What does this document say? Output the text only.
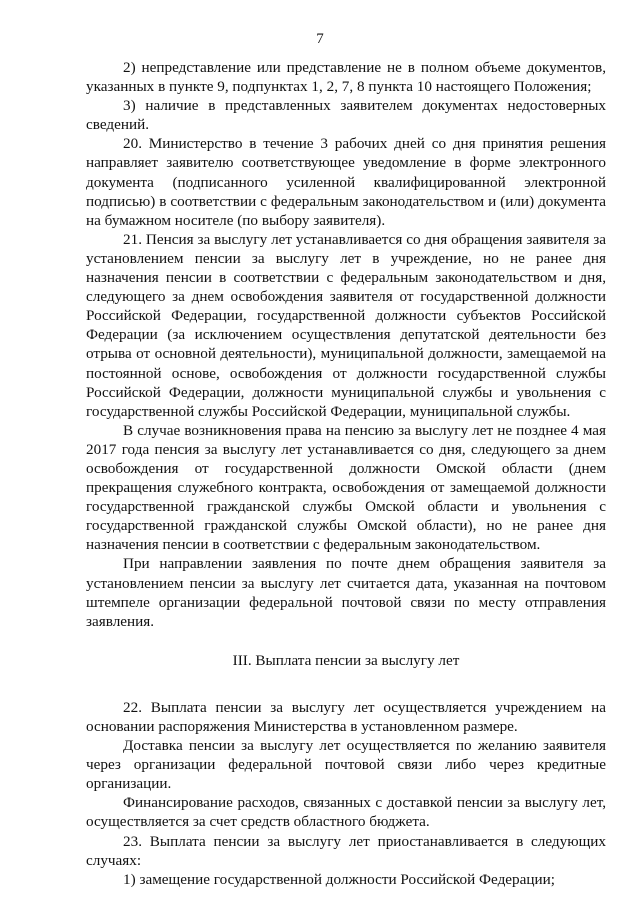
7

2) непредставление или представление не в полном объеме документов, указанных в пункте 9, подпунктах 1, 2, 7, 8 пункта 10 настоящего Положения;

3) наличие в представленных заявителем документах недостоверных сведений.

20. Министерство в течение 3 рабочих дней со дня принятия решения направляет заявителю соответствующее уведомление в форме электронного документа (подписанного усиленной квалифицированной электронной подписью) в соответствии с федеральным законодательством и (или) документа на бумажном носителе (по выбору заявителя).

21. Пенсия за выслугу лет устанавливается со дня обращения заявителя за установлением пенсии за выслугу лет в учреждение, но не ранее дня назначения пенсии в соответствии с федеральным законодательством и дня, следующего за днем освобождения заявителя от государственной должности Российской Федерации, государственной должности субъектов Российской Федерации (за исключением осуществления депутатской деятельности без отрыва от основной деятельности), муниципальной должности, замещаемой на постоянной основе, освобождения от должности государственной службы Российской Федерации, должности муниципальной службы и увольнения с государственной службы Российской Федерации, муниципальной службы.

В случае возникновения права на пенсию за выслугу лет не позднее 4 мая 2017 года пенсия за выслугу лет устанавливается со дня, следующего за днем освобождения от государственной должности Омской области (днем прекращения служебного контракта, освобождения от замещаемой должности государственной гражданской службы Омской области и увольнения с государственной гражданской службы Омской области), но не ранее дня назначения пенсии в соответствии с федеральным законодательством.

При направлении заявления по почте днем обращения заявителя за установлением пенсии за выслугу лет считается дата, указанная на почтовом штемпеле организации федеральной почтовой связи по месту отправления заявления.

III. Выплата пенсии за выслугу лет

22. Выплата пенсии за выслугу лет осуществляется учреждением на основании распоряжения Министерства в установленном размере.

Доставка пенсии за выслугу лет осуществляется по желанию заявителя через организации федеральной почтовой связи либо через кредитные организации.

Финансирование расходов, связанных с доставкой пенсии за выслугу лет, осуществляется за счет средств областного бюджета.

23. Выплата пенсии за выслугу лет приостанавливается в следующих случаях:

1) замещение государственной должности Российской Федерации;
